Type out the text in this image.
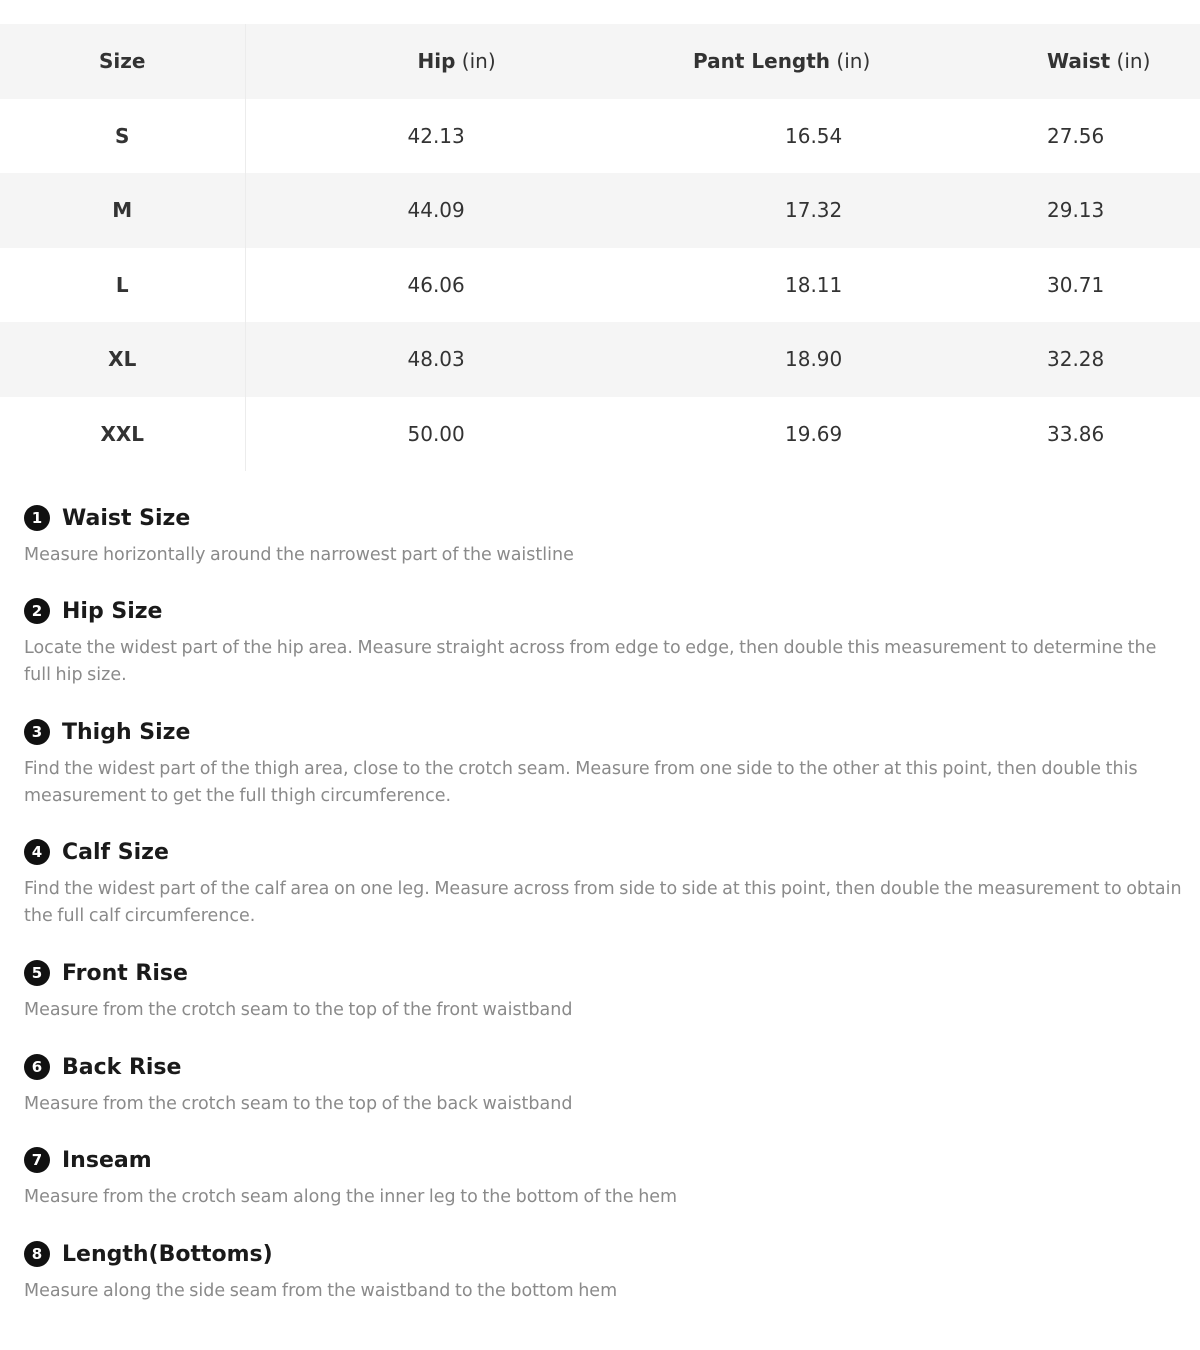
Size	Hip (in)	Pant Length (in)	Waist (in)
S	42.13	16.54	27.56
M	44.09	17.32	29.13
L	46.06	18.11	30.71
XL	48.03	18.90	32.28
XXL	50.00	19.69	33.86
1 Waist Size

Measure horizontally around the narrowest part of the waistline

2 Hip Size

Locate the widest part of the hip area. Measure straight across from edge to edge, then double this measurement to determine the full hip size.

3 Thigh Size

Find the widest part of the thigh area, close to the crotch seam. Measure from one side to the other at this point, then double this measurement to get the full thigh circumference.

4 Calf Size

Find the widest part of the calf area on one leg. Measure across from side to side at this point, then double the measurement to obtain the full calf circumference.

5 Front Rise

Measure from the crotch seam to the top of the front waistband

6 Back Rise

Measure from the crotch seam to the top of the back waistband

7 Inseam

Measure from the crotch seam along the inner leg to the bottom of the hem

8 Length(Bottoms)

Measure along the side seam from the waistband to the bottom hem
